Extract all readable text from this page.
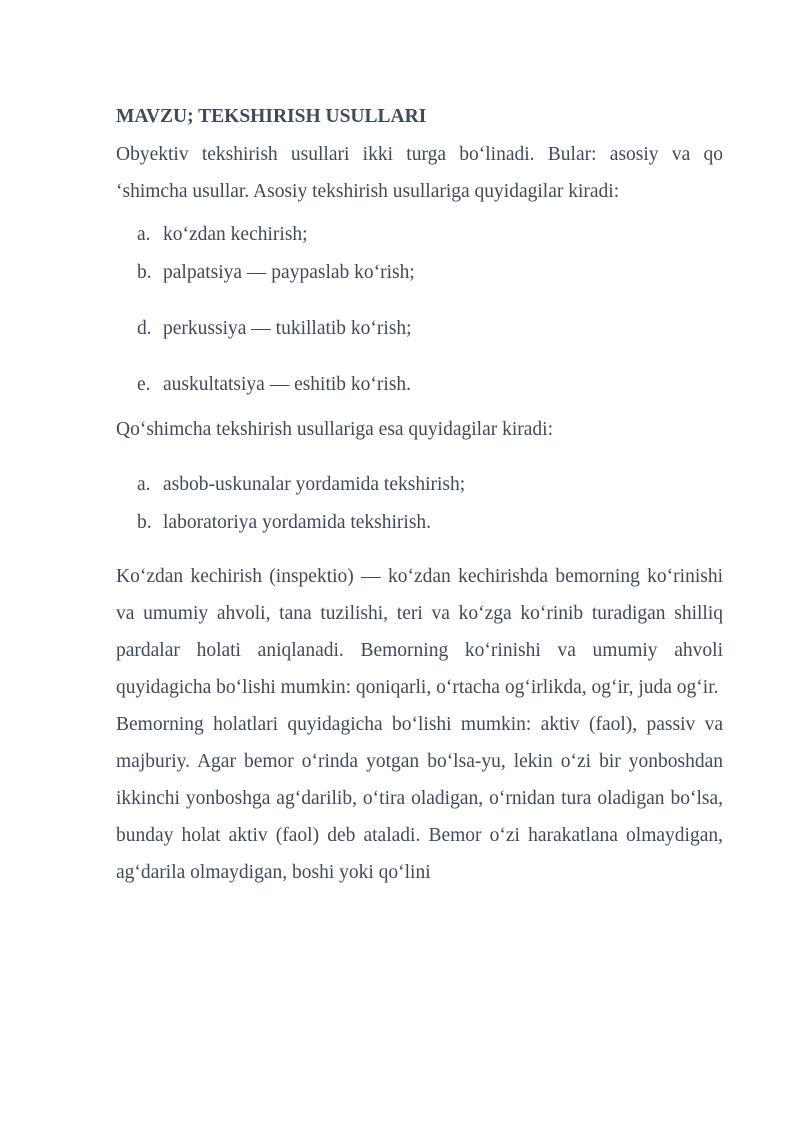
MAVZU; TEKSHIRISH USULLARI

Obyektiv tekshirish usullari ikki turga bo‘linadi. Bular: asosiy va qo ‘shimcha usullar. Asosiy tekshirish usullariga quyidagilar kiradi:

a. ko‘zdan kechirish;
b. palpatsiya — paypaslab ko‘rish;
d. perkussiya — tukillatib ko‘rish;
e. auskultatsiya — eshitib ko‘rish.

Qo‘shimcha tekshirish usullariga esa quyidagilar kiradi:

a. asbob-uskunalar yordamida tekshirish;
b. laboratoriya yordamida tekshirish.

Ko‘zdan kechirish (inspektio) — ko‘zdan kechirishda bemorning ko‘rinishi va umumiy ahvoli, tana tuzilishi, teri va ko‘zga ko‘rinib turadigan shilliq pardalar holati aniqlanadi. Bemorning ko‘rinishi va umumiy ahvoli quyidagicha bo‘lishi mumkin: qoniqarli, o‘rtacha og‘irlikda, og‘ir, juda og‘ir.

Bemorning holatlari quyidagicha bo‘lishi mumkin: aktiv (faol), passiv va majburiy. Agar bemor o‘rinda yotgan bo‘lsa-yu, lekin o‘zi bir yonboshdan ikkinchi yonboshga ag‘darilib, o‘tira oladigan, o‘rnidan tura oladigan bo‘lsa, bunday holat aktiv (faol) deb ataladi. Bemor o‘zi harakatlana olmaydigan, ag‘darila olmaydigan, boshi yoki qo‘lini
